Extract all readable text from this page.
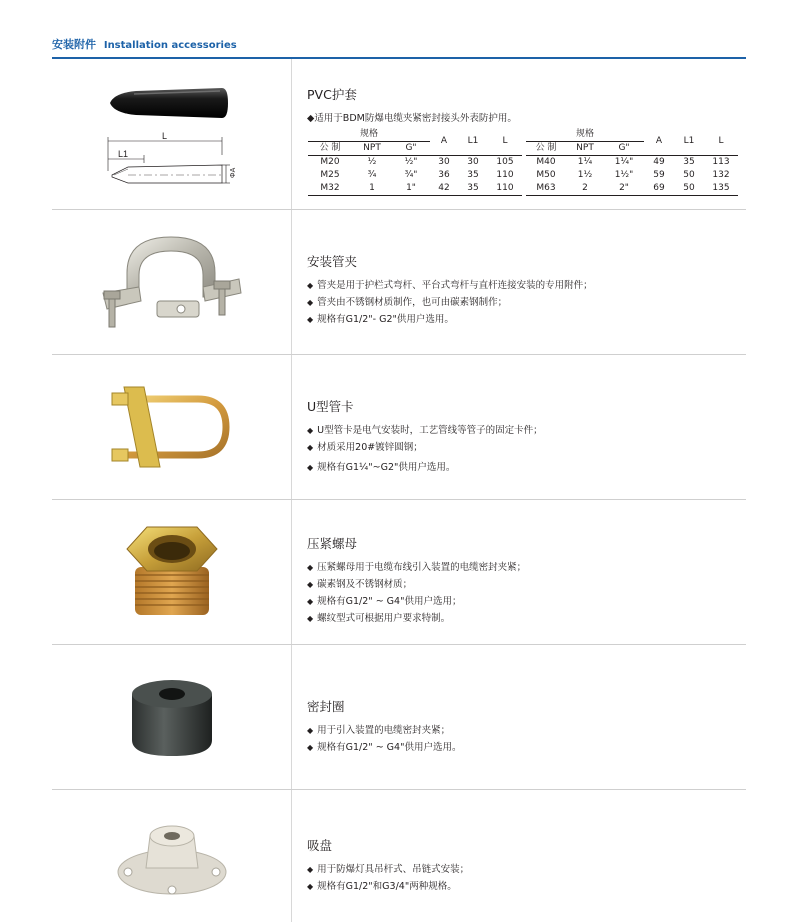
安装附件 Installation accessories
L
L1
ΦA
PVC护套
◆适用于BDM防爆电缆夹紧密封接头外表防护用。
规格			A	L1	L
公 制	NPT	G"			
M20	½	½"	30	30	105
M25	¾	¾"	36	35	110
M32	1	1"	42	35	110
规格			A	L1	L
公 制	NPT	G"			
M40	1¼	1¼"	49	35	113
M50	1½	1½"	59	50	132
M63	2	2"	69	50	135
安装管夹
◆ 管夹是用于护栏式弯杆、平台式弯杆与直杆连接安装的专用附件；
◆ 管夹由不锈钢材质制作，也可由碳素钢制作；
◆ 规格有G1/2"- G2"供用户选用。
U型管卡
◆ U型管卡是电气安装时，工艺管线等管子的固定卡件；
◆ 材质采用20#镀锌圆钢；
◆ 规格有G1¼"~G2"供用户选用。
压紧螺母
◆ 压紧螺母用于电缆布线引入装置的电缆密封夹紧；
◆ 碳素钢及不锈钢材质；
◆ 规格有G1/2" ~ G4"供用户选用；
◆ 螺纹型式可根据用户要求特制。
密封圈
◆ 用于引入装置的电缆密封夹紧；
◆ 规格有G1/2" ~ G4"供用户选用。
吸盘
◆ 用于防爆灯具吊杆式、吊链式安装；
◆ 规格有G1/2"和G3/4"两种规格。
